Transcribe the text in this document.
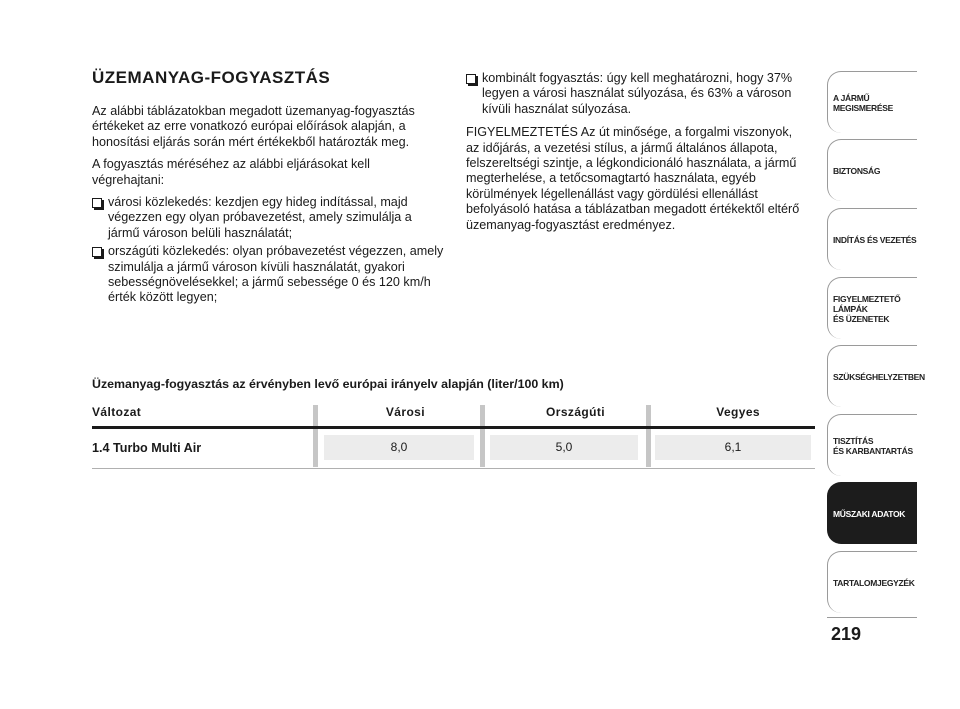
ÜZEMANYAG-FOGYASZTÁS

Az alábbi táblázatokban megadott üzemanyag-fogyasztás értékeket az erre vonatkozó európai előírások alapján, a honosítási eljárás során mért értékekből határozták meg.

A fogyasztás méréséhez az alábbi eljárásokat kell végrehajtani:

városi közlekedés: kezdjen egy hideg indítással, majd végezzen egy olyan próbavezetést, amely szimulálja a jármű városon belüli használatát;
országúti közlekedés: olyan próbavezetést végezzen, amely szimulálja a jármű városon kívüli használatát, gyakori sebességnövelésekkel; a jármű sebessége 0 és 120 km/h érték között legyen;
kombinált fogyasztás: úgy kell meghatározni, hogy 37% legyen a városi használat súlyozása, és 63% a városon kívüli használat súlyozása.

FIGYELMEZTETÉS Az út minősége, a forgalmi viszonyok, az időjárás, a vezetési stílus, a jármű általános állapota, felszereltségi szintje, a légkondicionáló használata, a jármű megterhelése, a tetőcsomagtartó használata, egyéb körülmények légellenállást vagy gördülési ellenállást befolyásoló hatása a táblázatban megadott értékektől eltérő üzemanyag-fogyasztást eredményez.

Üzemanyag-fogyasztás az érvényben levő európai irányelv alapján (liter/100 km)
Változat	Városi	Országúti	Vegyes
1.4 Turbo Multi Air	8,0	5,0	6,1
A JÁRMŰ
MEGISMERÉSE
BIZTONSÁG
INDÍTÁS ÉS VEZETÉS
FIGYELMEZTETŐ
LÁMPÁK
ÉS ÜZENETEK
SZÜKSÉGHELYZETBEN
TISZTÍTÁS
ÉS KARBANTARTÁS
MŰSZAKI ADATOK
TARTALOMJEGYZÉK
219
